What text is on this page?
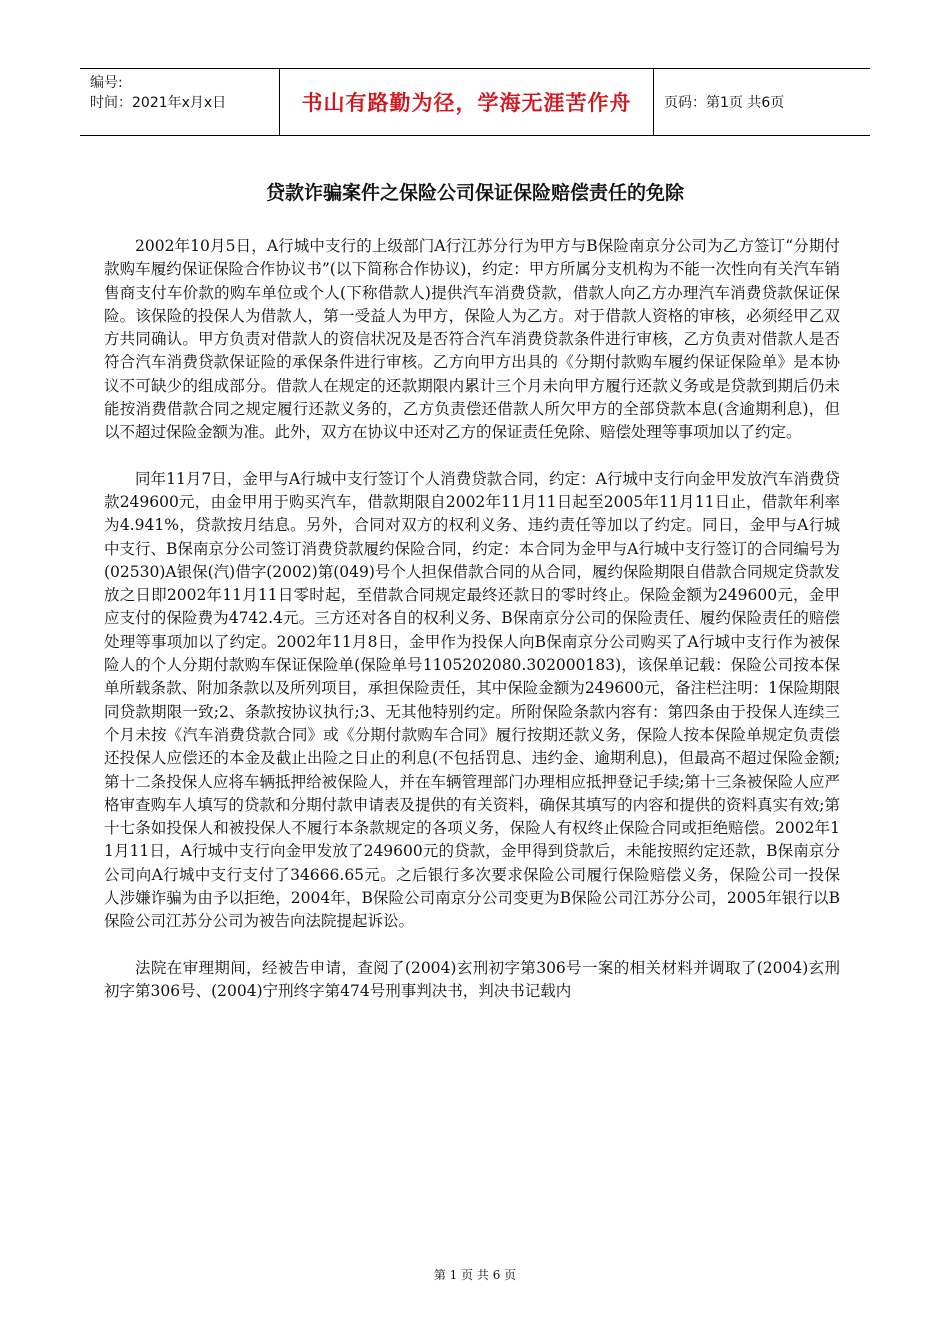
编号:
时间：2021年x月x日	书山有路勤为径，学海无涯苦作舟	页码：第1页 共6页
贷款诈骗案件之保险公司保证保险赔偿责任的免除

2002年10月5日，A行城中支行的上级部门A行江苏分行为甲方与B保险南京分公司为乙方签订“分期付款购车履约保证保险合作协议书”(以下简称合作协议)，约定：甲方所属分支机构为不能一次性向有关汽车销售商支付车价款的购车单位或个人(下称借款人)提供汽车消费贷款，借款人向乙方办理汽车消费贷款保证保险。该保险的投保人为借款人，第一受益人为甲方，保险人为乙方。对于借款人资格的审核，必须经甲乙双方共同确认。甲方负责对借款人的资信状况及是否符合汽车消费贷款条件进行审核，乙方负责对借款人是否符合汽车消费贷款保证险的承保条件进行审核。乙方向甲方出具的《分期付款购车履约保证保险单》是本协议不可缺少的组成部分。借款人在规定的还款期限内累计三个月未向甲方履行还款义务或是贷款到期后仍未能按消费借款合同之规定履行还款义务的，乙方负责偿还借款人所欠甲方的全部贷款本息(含逾期利息)，但以不超过保险金额为准。此外，双方在协议中还对乙方的保证责任免除、赔偿处理等事项加以了约定。

同年11月7日，金甲与A行城中支行签订个人消费贷款合同，约定：A行城中支行向金甲发放汽车消费贷款249600元，由金甲用于购买汽车，借款期限自2002年11月11日起至2005年11月11日止，借款年利率为4.941%，贷款按月结息。另外，合同对双方的权利义务、违约责任等加以了约定。同日，金甲与A行城中支行、B保南京分公司签订消费贷款履约保险合同，约定：本合同为金甲与A行城中支行签订的合同编号为(02530)A银保(汽)借字(2002)第(049)号个人担保借款合同的从合同，履约保险期限自借款合同规定贷款发放之日即2002年11月11日零时起，至借款合同规定最终还款日的零时终止。保险金额为249600元，金甲应支付的保险费为4742.4元。三方还对各自的权利义务、B保南京分公司的保险责任、履约保险责任的赔偿处理等事项加以了约定。2002年11月8日，金甲作为投保人向B保南京分公司购买了A行城中支行作为被保险人的个人分期付款购车保证保险单(保险单号1105202080.302000183)，该保单记载：保险公司按本保单所载条款、附加条款以及所列项目，承担保险责任，其中保险金额为249600元，备注栏注明：1保险期限同贷款期限一致;2、条款按协议执行;3、无其他特别约定。所附保险条款内容有：第四条由于投保人连续三个月未按《汽车消费贷款合同》或《分期付款购车合同》履行按期还款义务，保险人按本保险单规定负责偿还投保人应偿还的本金及截止出险之日止的利息(不包括罚息、违约金、逾期利息)，但最高不超过保险金额;第十二条投保人应将车辆抵押给被保险人，并在车辆管理部门办理相应抵押登记手续;第十三条被保险人应严格审查购车人填写的贷款和分期付款申请表及提供的有关资料，确保其填写的内容和提供的资料真实有效;第十七条如投保人和被投保人不履行本条款规定的各项义务，保险人有权终止保险合同或拒绝赔偿。2002年11月11日，A行城中支行向金甲发放了249600元的贷款，金甲得到贷款后，未能按照约定还款，B保南京分公司向A行城中支行支付了34666.65元。之后银行多次要求保险公司履行保险赔偿义务，保险公司一投保人涉嫌诈骗为由予以拒绝，2004年，B保险公司南京分公司变更为B保险公司江苏分公司，2005年银行以B保险公司江苏分公司为被告向法院提起诉讼。

法院在审理期间，经被告申请，查阅了(2004)玄刑初字第306号一案的相关材料并调取了(2004)玄刑初字第306号、(2004)宁刑终字第474号刑事判决书，判决书记载内

第 1 页 共 6 页
